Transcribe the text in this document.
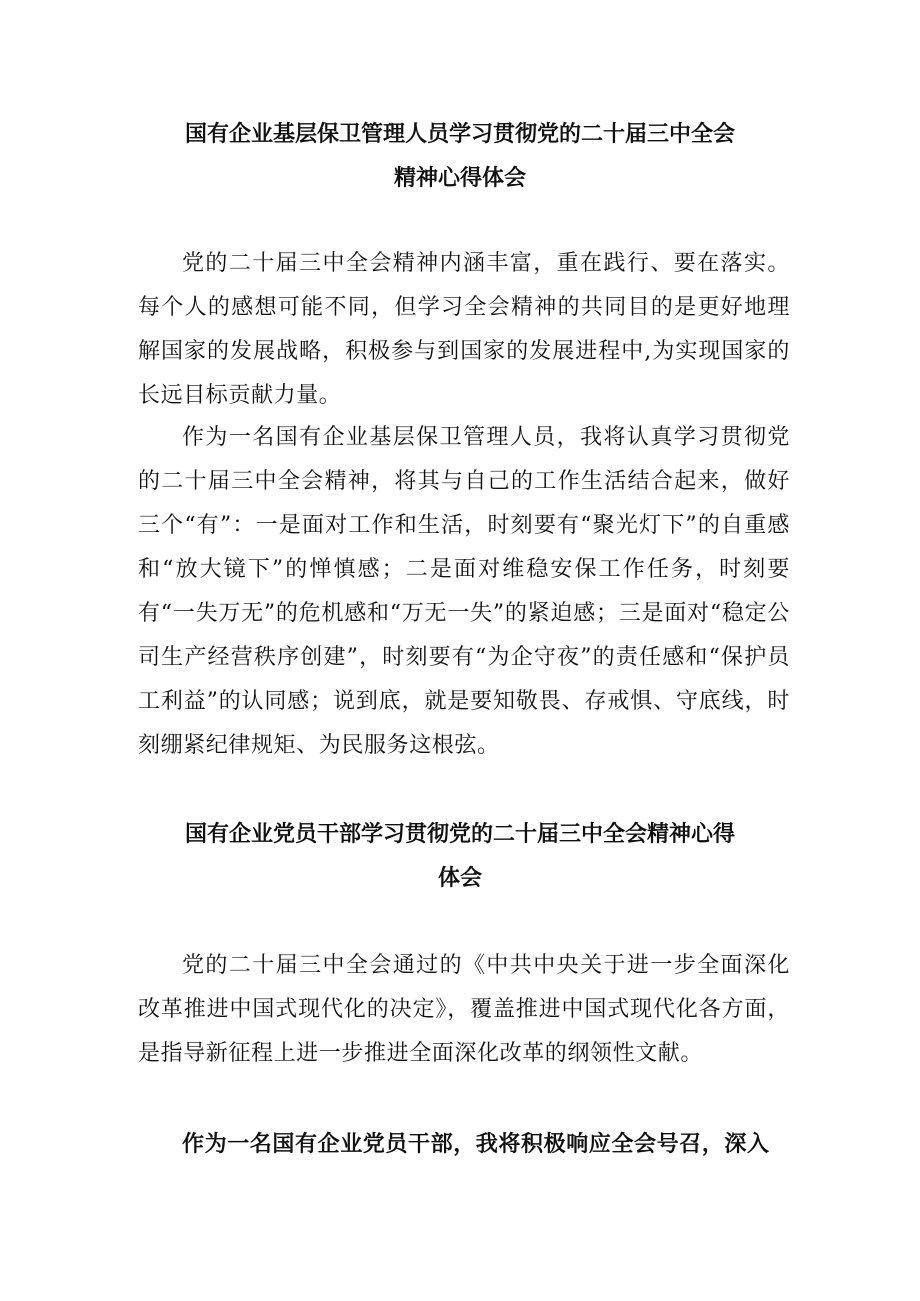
国有企业基层保卫管理人员学习贯彻党的二十届三中全会
精神心得体会

党的二十届三中全会精神内涵丰富，重在践行、要在落实。每个人的感想可能不同，但学习全会精神的共同目的是更好地理解国家的发展战略，积极参与到国家的发展进程中,为实现国家的长远目标贡献力量。

作为一名国有企业基层保卫管理人员，我将认真学习贯彻党的二十届三中全会精神，将其与自己的工作生活结合起来，做好三个“有”：一是面对工作和生活，时刻要有“聚光灯下”的自重感和“放大镜下”的惮慎感；二是面对维稳安保工作任务，时刻要有“一失万无”的危机感和“万无一失”的紧迫感；三是面对“稳定公司生产经营秩序创建”，时刻要有“为企守夜”的责任感和“保护员工利益”的认同感；说到底，就是要知敬畏、存戒惧、守底线，时刻绷紧纪律规矩、为民服务这根弦。

国有企业党员干部学习贯彻党的二十届三中全会精神心得
体会

党的二十届三中全会通过的《中共中央关于进一步全面深化改革推进中国式现代化的决定》，覆盖推进中国式现代化各方面，是指导新征程上进一步推进全面深化改革的纲领性文献。

作为一名国有企业党员干部，我将积极响应全会号召，深入
